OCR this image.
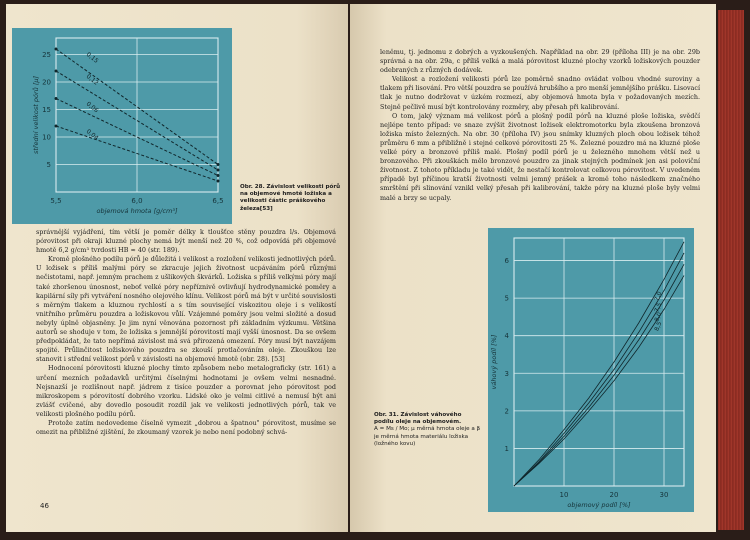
5,5	6,0	6,5
5
10
15
20
25	0,15
0,12
0,06
0,04
objemová hmota [g/cm³]
střední velikost pórů [µ]
Obr. 28. Závislost velikosti pórů na objemové hmotě ložiska a velikosti částic práškového železa[53]

správnější vyjádření, tím větší je poměr délky k tloušťce stěny pouzdra l/s. Objemová pórovitost při okraji kluzné plochy nemá být menší než 20 %, což odpovídá při objemové hmotě 6,2 g/cm³ tvrdosti HB ≈ 40 (str. 189).

Kromě plošného podílu pórů je důležitá i velikost a rozložení velikosti jednotlivých pórů. U ložisek s příliš malými póry se zkracuje jejich životnost ucpáváním pórů různými nečistotami, např. jemným prachem z ušlikových škvárků. Ložiska s příliš velkými póry mají také zhoršenou únosnost, neboť velké póry nepříznivě ovlivňují hydrodynamické poměry a kapilární síly při vytváření nosného olejového klínu. Velikost pórů má být v určité souvislosti s měrným tlakem a kluznou rychlostí a s tím související viskozitou oleje i s velikostí vnitřního průměru pouzdra a ložiskovou vůlí. Vzájemné poměry jsou velmi složité a dosud nebyly úplně objasněny. Je jim nyní věnována pozornost při základním výzkumu. Většina autorů se shoduje v tom, že ložiska s jemnější pórovitostí mají vyšší únosnost. Da se ovšem předpokládat, že tato nepřímá závislost má svá přirozená omezení. Póry musí být navzájem spojité. Průlinčitost ložiskového pouzdra se zkouší protlačováním oleje. Zkouškou lze stanovit i střední velikost pórů v závislosti na objemové hmotě (obr. 28). [53]

Hodnocení pórovitosti kluzné plochy tímto způsobem nebo metalograficky (str. 161) a určení mezních požadavků určitými číselnými hodnotami je ovšem velmi nesnadné. Nejsnazší je rozlišnout např. jádrem z tisíce pouzder a porovnat jeho pórovitost pod mikroskopem s pórovitostí dobrého vzorku. Lidské oko je velmi citlivé a nemusí být ani zvlášť cvičené, aby dovedlo posoudit rozdíl jak ve velikosti jednotlivých pórů, tak ve velikosti plošného podílu pórů.

Protože zatím nedovedeme číselně vymezit „dobrou a špatnou" pórovitost, musíme se omezit na přibližné zjištění, že zkoumaný vzorek je nebo není podobný schvá-

46

leněmu, tj. jednomu z dobrých a vyzkoušených. Například na obr. 29 (příloha III) je na obr. 29b správná a na obr. 29a, c příliš velká a malá pórovitost kluzné plochy vzorků ložiskových pouzder odebraných z různých dodávek.

Velikost a rozložení velikosti pórů lze poměrně snadno ovládat volbou vhodné suroviny a tlakem při lisování. Pro větší pouzdra se používá hrubšího a pro menší jemnějšího prášku. Lisovací tlak je nutno dodržovat v úzkém rozmezí, aby objemová hmota byla v požadovaných mezích. Stejně pečlivě musí být kontrolovány rozměry, aby přesah při kalibrování.

O tom, jaký význam má velikost pórů a plošný podíl pórů na kluzné ploše ložiska, svědčí nejlépe tento případ: ve snaze zvýšit životnost ložisek elektromotorku byla zkoušena bronzová ložiska místo železných. Na obr. 30 (příloha IV) jsou snímky kluzných ploch obou ložisek téhož průměru 6 mm a přibližně i stejné celkové pórovitosti 25 %. Železné pouzdro má na kluzné ploše velké póry a bronzové příliš malé. Plošný podíl pórů je u železného mnohem větší než u bronzového. Při zkouškách mělo bronzové pouzdro za jinak stejných podmínek jen asi poloviční životnost. Z tohoto příkladu je také vidět, že nestačí kontrolovat celkovou pórovitost. V uvedeném případě byl příčinou kratší životnosti velmi jemný prášek a kromě toho následkem značného smrštění při slinování vznikl velký přesah při kalibrování, takže póry na kluzné ploše byly velmi malé a brzy se ucpaly.

Obr. 31. Závislost váhového podílu oleje na objemovém.
A = Ms / Mo; µ měrná hmota oleje a β je měrná hmota materiálu ložiska (ložného kovu)
10	20	30
1
2
3
4
5
6
8,5
8,0
7,5
7,0
objemový podíl [%]
váhový podíl [%]
